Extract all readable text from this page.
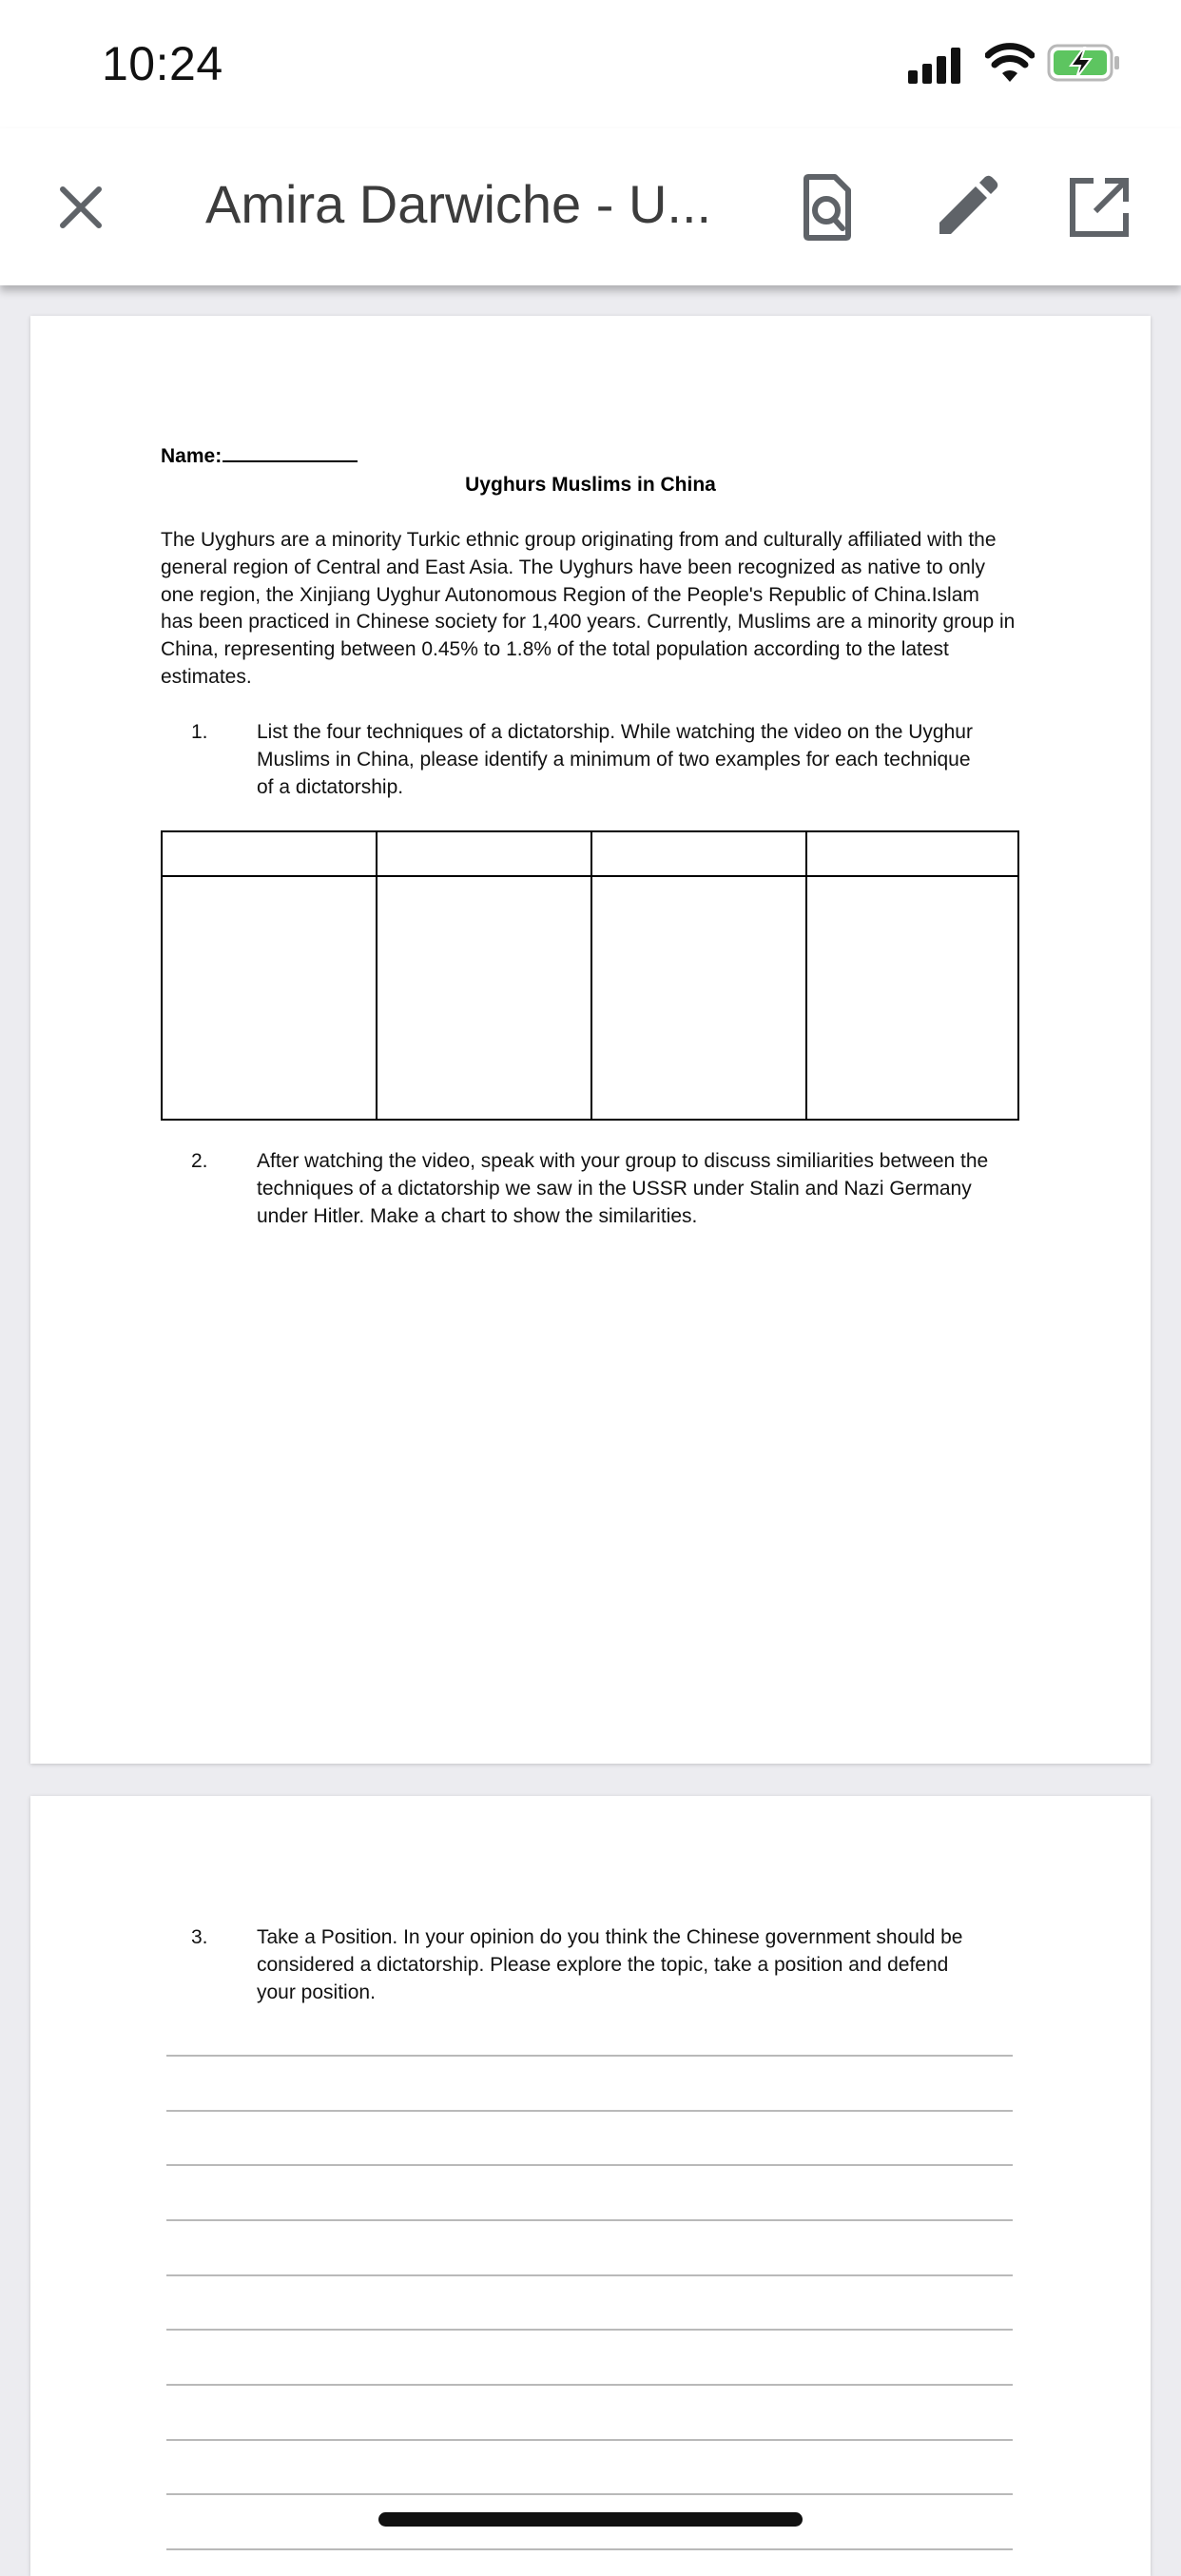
10:24
Amira Darwiche - U...
Name:
Uyghurs Muslims in China
The Uyghurs are a minority Turkic ethnic group originating from and culturally affiliated with the general region of Central and East Asia. The Uyghurs have been recognized as native to only one region, the Xinjiang Uyghur Autonomous Region of the People's Republic of China.Islam has been practiced in Chinese society for 1,400 years. Currently, Muslims are a minority group in China, representing between 0.45% to 1.8% of the total population according to the latest estimates.
1.	List the four techniques of a dictatorship. While watching the video on the Uyghur Muslims in China, please identify a minimum of two examples for each technique of a dictatorship.
2.	After watching the video, speak with your group to discuss similiarities between the techniques of a dictatorship we saw in the USSR under Stalin and Nazi Germany under Hitler. Make a chart to show the similarities.
3.	Take a Position. In your opinion do you think the Chinese government should be considered a dictatorship. Please explore the topic, take a position and defend your position.
